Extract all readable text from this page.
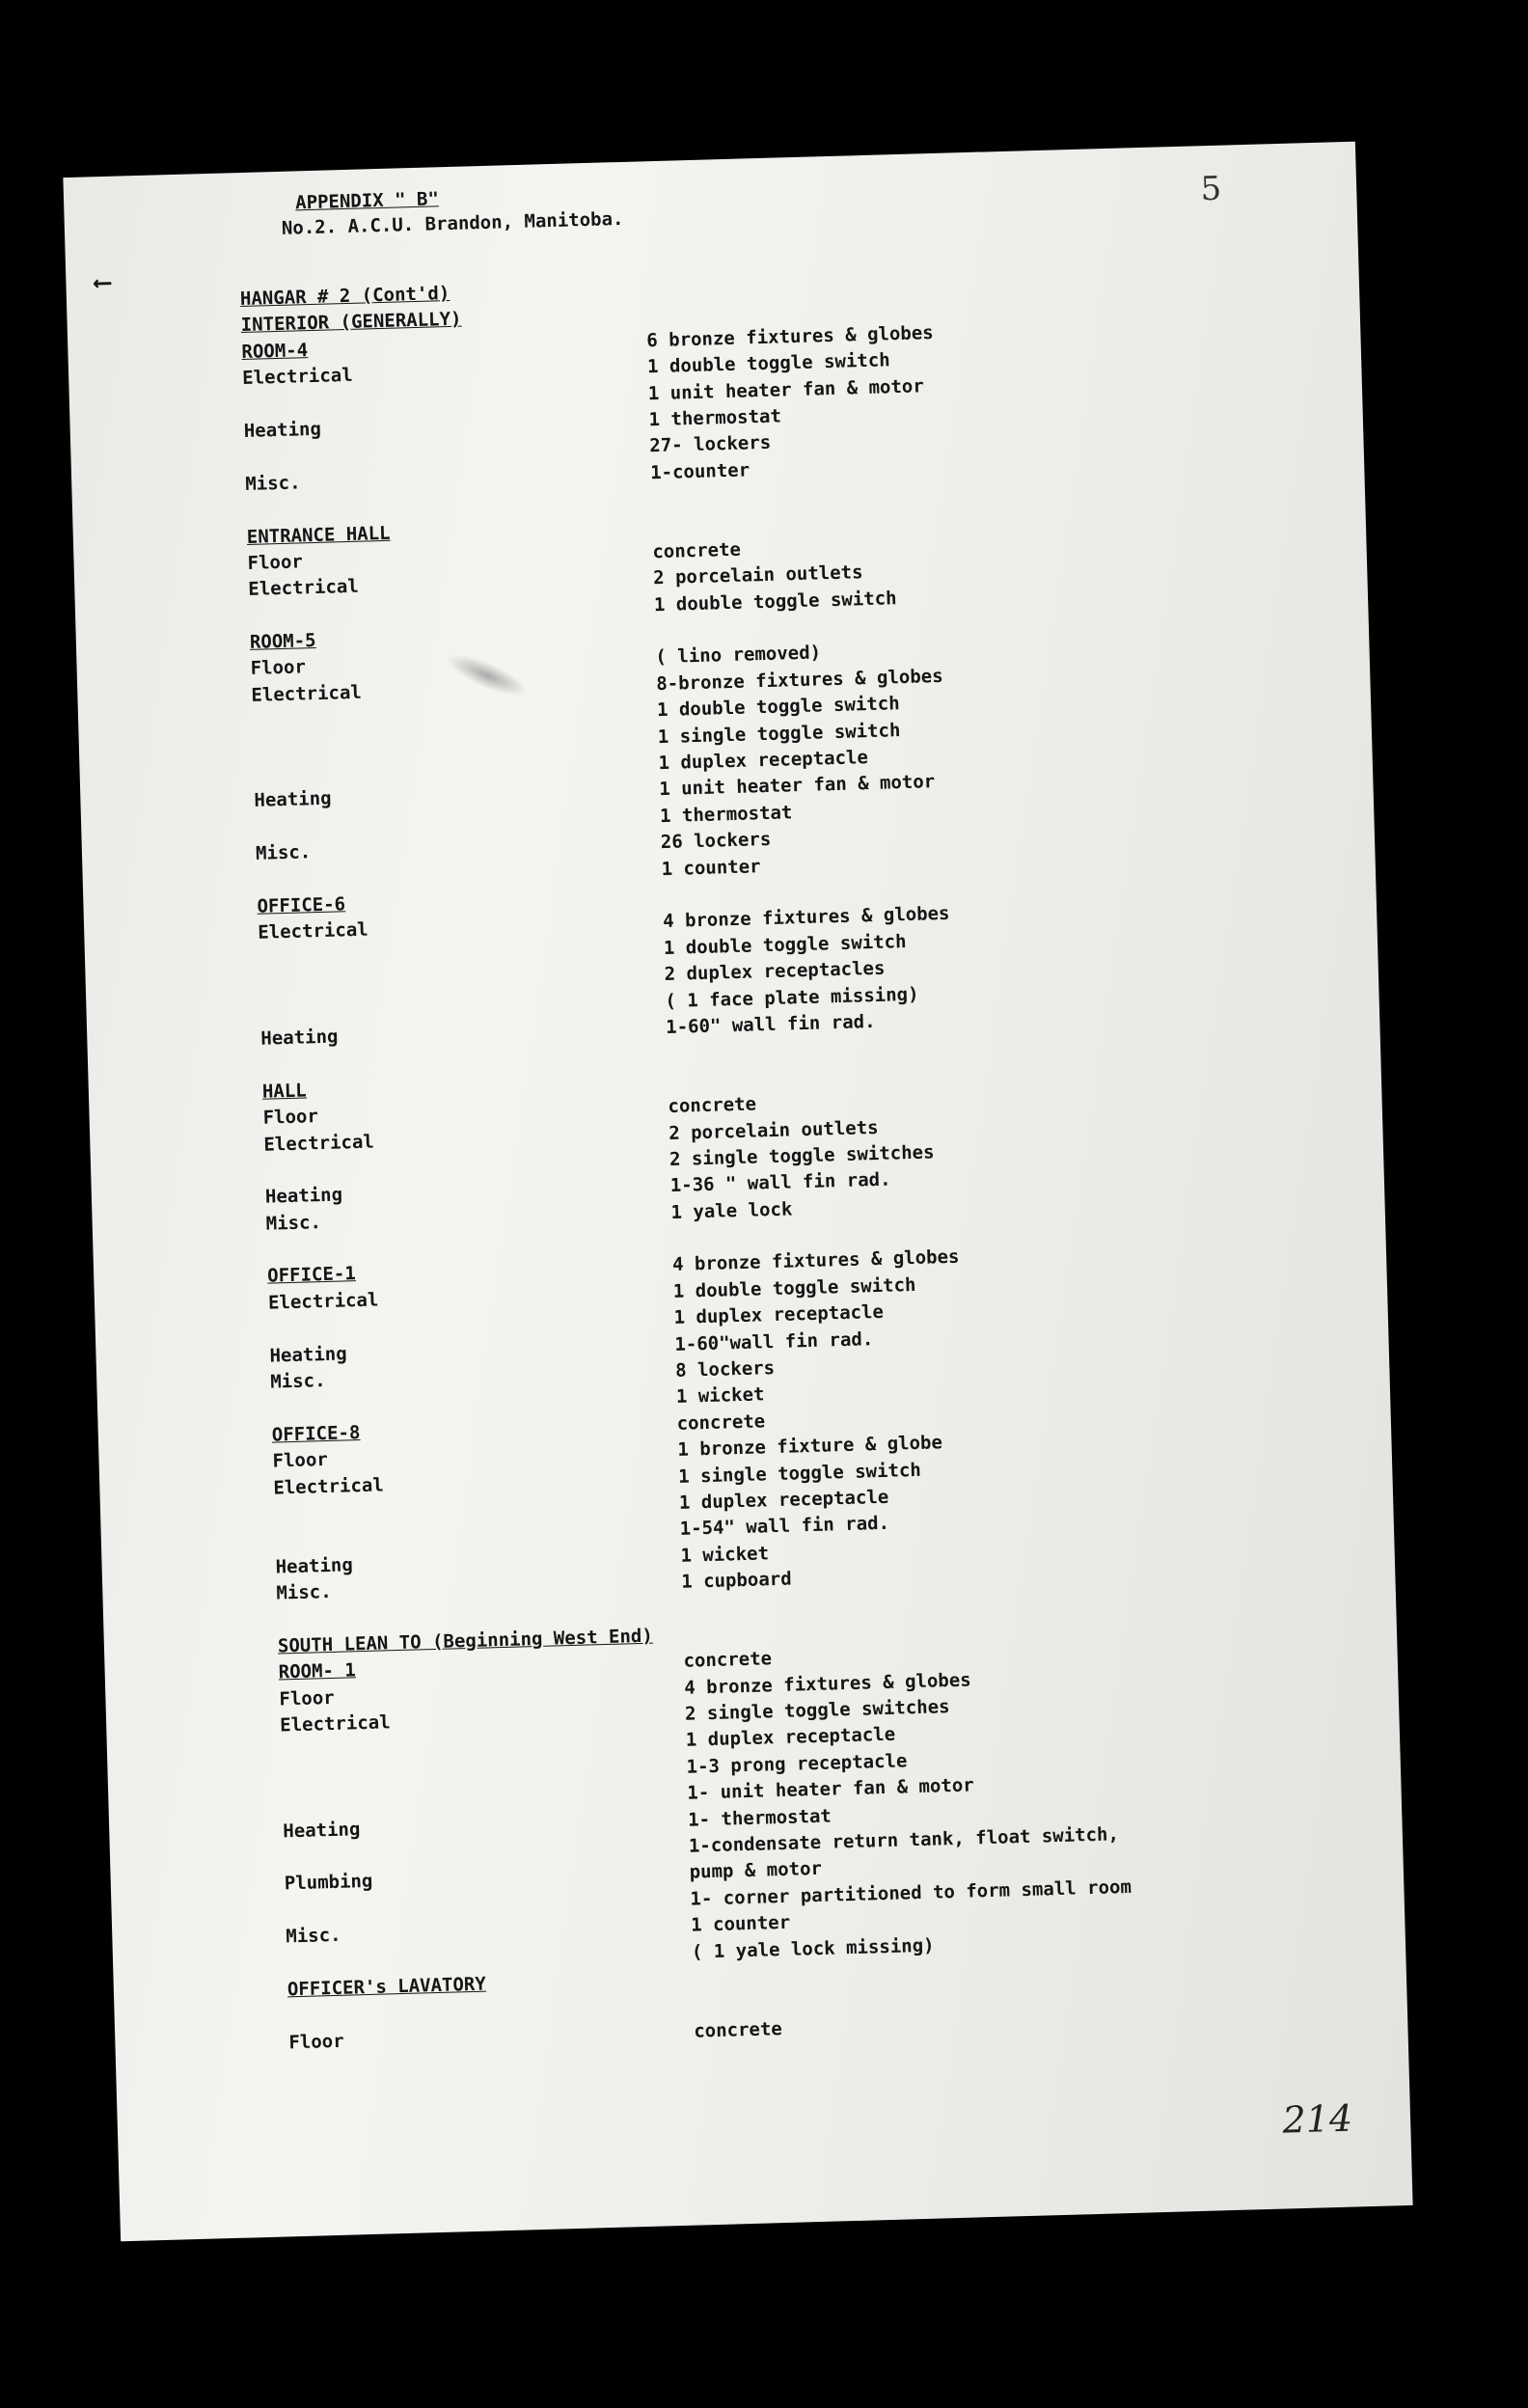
⟵
APPENDIX " B"
No.2. A.C.U. Brandon, Manitoba.
5
HANGAR # 2 (Cont'd)
INTERIOR (GENERALLY)
ROOM-4
Electrical
Heating
Misc.
ENTRANCE HALL
Floor
Electrical
ROOM-5
Floor
Electrical
Heating
Misc.
OFFICE-6
Electrical
Heating
HALL
Floor
Electrical
Heating
Misc.
OFFICE-1
Electrical
Heating
Misc.
OFFICE-8
Floor
Electrical
Heating
Misc.
SOUTH LEAN TO (Beginning West End)
ROOM- 1
Floor
Electrical
Heating
Plumbing
Misc.
OFFICER's LAVATORY
Floor
6 bronze fixtures & globes
1 double toggle switch
1 unit heater fan & motor
1 thermostat
27- lockers
1-counter
concrete
2 porcelain outlets
1 double toggle switch
( lino removed)
8-bronze fixtures & globes
1 double toggle switch
1 single toggle switch
1 duplex receptacle
1 unit heater fan & motor
1 thermostat
26 lockers
1 counter
4 bronze fixtures & globes
1 double toggle switch
2 duplex receptacles
( 1 face plate missing)
1-60" wall fin rad.
concrete
2 porcelain outlets
2 single toggle switches
1-36 " wall fin rad.
1 yale lock
4 bronze fixtures & globes
1 double toggle switch
1 duplex receptacle
1-60"wall fin rad.
8 lockers
1 wicket
concrete
1 bronze fixture & globe
1 single toggle switch
1 duplex receptacle
1-54" wall fin rad.
1 wicket
1 cupboard
concrete
4 bronze fixtures & globes
2 single toggle switches
1 duplex receptacle
1-3 prong receptacle
1- unit heater fan & motor
1- thermostat
1-condensate return tank, float switch,
pump & motor
1- corner partitioned to form small room
1 counter
( 1 yale lock missing)
concrete
214
